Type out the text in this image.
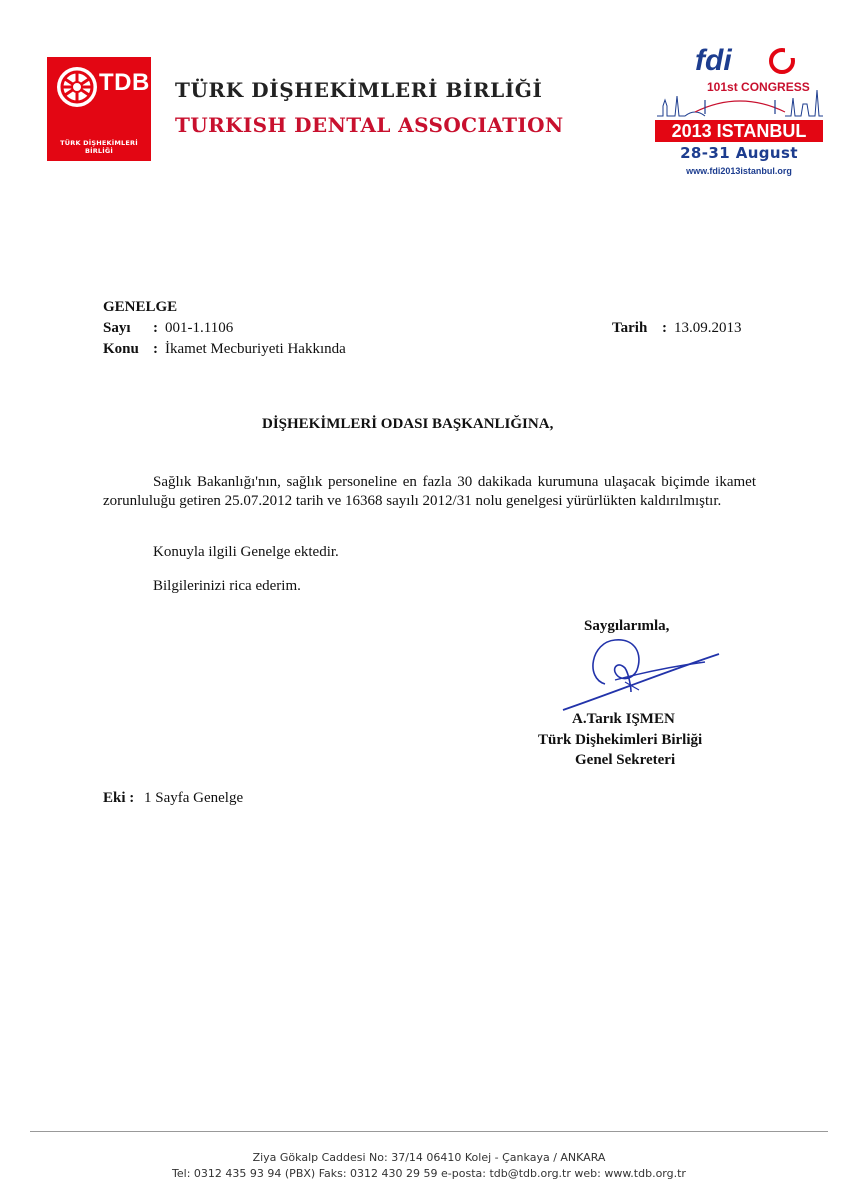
TDB
TÜRK DİŞHEKİMLERİ BİRLİĞİ
TÜRK DİŞHEKİMLERİ BİRLİĞİ
TURKISH DENTAL ASSOCIATION
fdi
101st CONGRESS
2013 ISTANBUL
28-31 August
www.fdi2013istanbul.org
GENELGE
Sayı : 001-1.1106	Tarih : 13.09.2013
Konu : İkamet Mecburiyeti Hakkında
DİŞHEKİMLERİ ODASI BAŞKANLIĞINA,
Sağlık Bakanlığı'nın, sağlık personeline en fazla 30 dakikada kurumuna ulaşacak biçimde ikamet zorunluluğu getiren 25.07.2012 tarih ve 16368 sayılı 2012/31 nolu genelgesi yürürlükten kaldırılmıştır.
Konuyla ilgili Genelge ektedir.
Bilgilerinizi rica ederim.
Saygılarımla,
A.Tarık IŞMEN
Türk Dişhekimleri Birliği
Genel Sekreteri
Eki : 1 Sayfa Genelge
Ziya Gökalp Caddesi No: 37/14 06410 Kolej - Çankaya / ANKARA
Tel: 0312 435 93 94 (PBX) Faks: 0312 430 29 59 e-posta: tdb@tdb.org.tr web: www.tdb.org.tr
